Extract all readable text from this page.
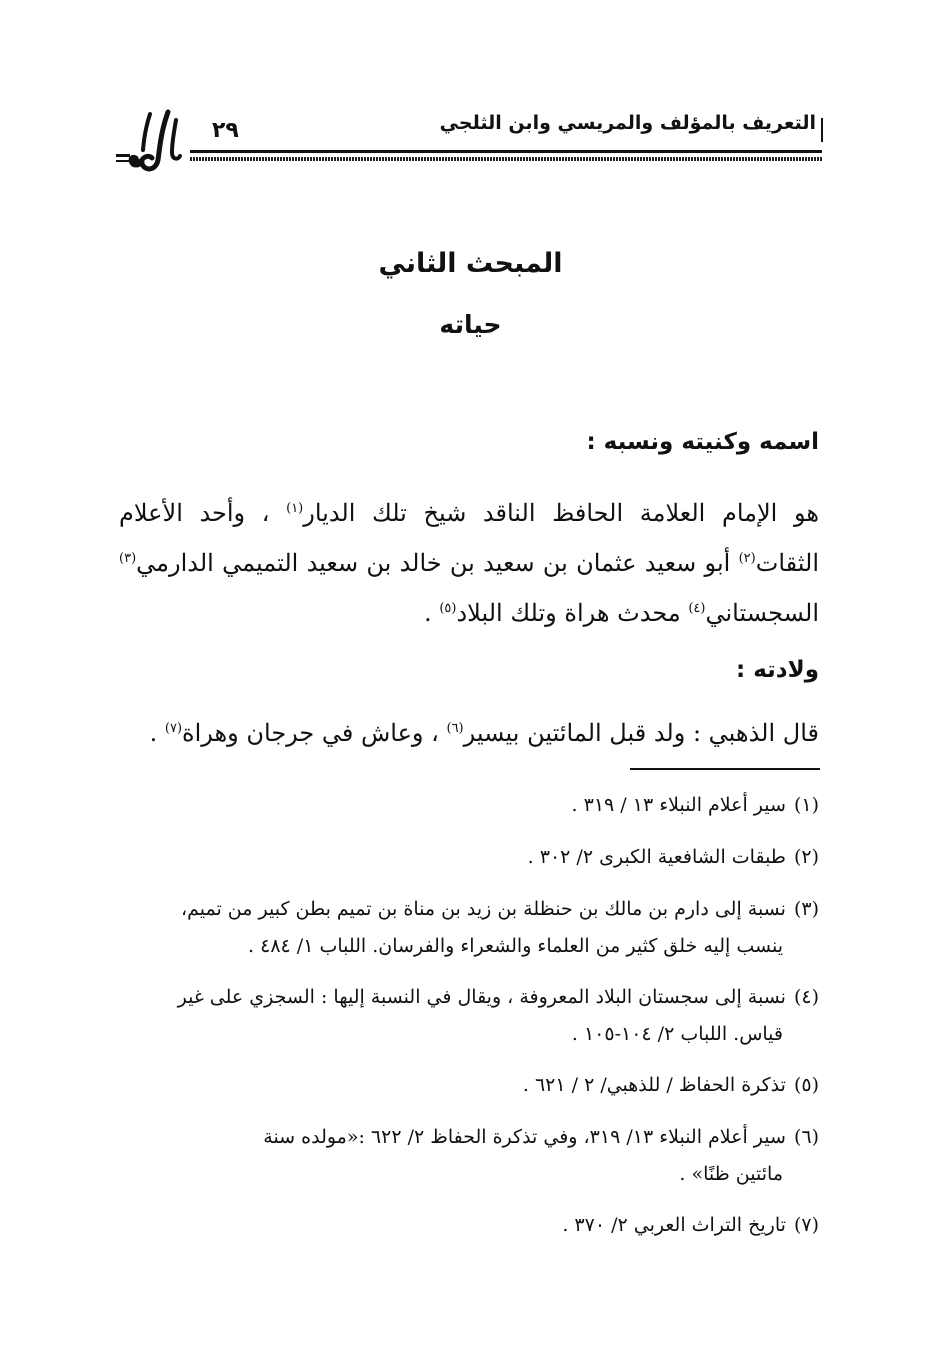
التعريف بالمؤلف والمريسي وابن الثلجي
٢٩
المبحث الثاني
حياته
اسمه وكنيته ونسبه :
هو الإمام العلامة الحافظ الناقد شيخ تلك الديار$^{(١)}$ ، وأحد الأعلام
الثقات$^{(٢)}$ أبو سعيد عثمان بن سعيد بن خالد بن سعيد التميمي الدارمي$^{(٣)}$
السجستاني$^{(٤)}$ محدث هراة وتلك البلاد$^{(٥)}$ .
ولادته :
قال الذهبي : ولد قبل المائتين بيسير$^{(٦)}$ ، وعاش في جرجان وهراة$^{(٧)}$ .
(١)سير أعلام النبلاء ١٣ / ٣١٩ .
(٢)طبقات الشافعية الكبرى ٢/ ٣٠٢ .
(٣)نسبة إلى دارم بن مالك بن حنظلة بن زيد بن مناة بن تميم بطن كبير من تميم،
ينسب إليه خلق كثير من العلماء والشعراء والفرسان. اللباب ١/ ٤٨٤ .
(٤)نسبة إلى سجستان البلاد المعروفة ، ويقال في النسبة إليها : السجزي على غير
قياس. اللباب ٢/ ١٠٤-١٠٥ .
(٥)تذكرة الحفاظ / للذهبي/ ٢ / ٦٢١ .
(٦)سير أعلام النبلاء ١٣/ ٣١٩، وفي تذكرة الحفاظ ٢/ ٦٢٢ :«مولده سنة
مائتين ظنًا» .
(٧)تاريخ التراث العربي ٢/ ٣٧٠ .
